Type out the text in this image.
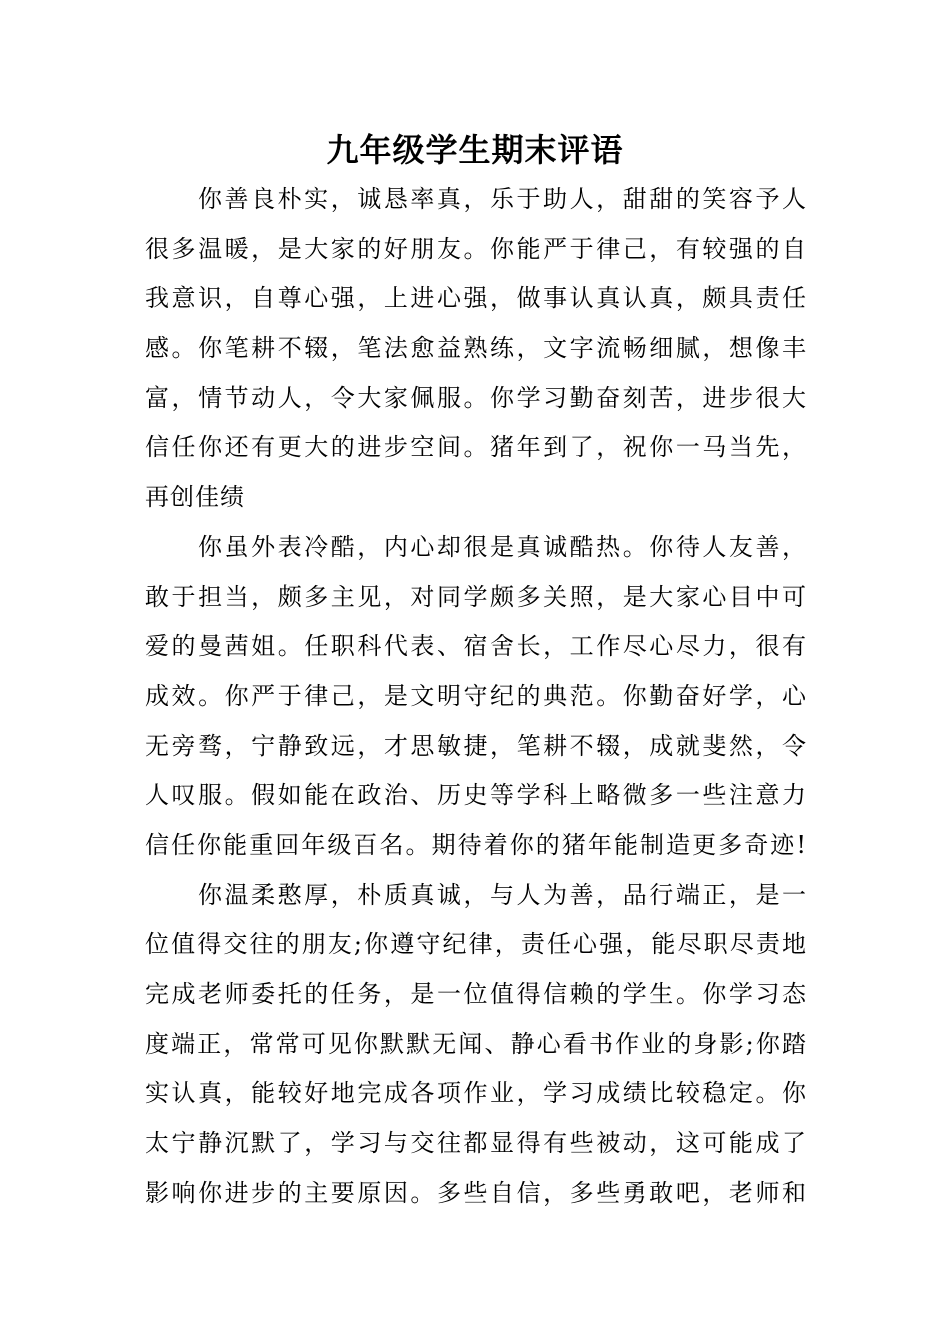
九年级学生期末评语
你善良朴实，诚恳率真，乐于助人，甜甜的笑容予人
很多温暖，是大家的好朋友。你能严于律己，有较强的自
我意识，自尊心强，上进心强，做事认真认真，颇具责任
感。你笔耕不辍，笔法愈益熟练，文字流畅细腻，想像丰
富，情节动人，令大家佩服。你学习勤奋刻苦，进步很大
信任你还有更大的进步空间。猪年到了，祝你一马当先，
再创佳绩
你虽外表冷酷，内心却很是真诚酷热。你待人友善，
敢于担当，颇多主见，对同学颇多关照，是大家心目中可
爱的曼茜姐。任职科代表、宿舍长，工作尽心尽力，很有
成效。你严于律己，是文明守纪的典范。你勤奋好学，心
无旁骛，宁静致远，才思敏捷，笔耕不辍，成就斐然，令
人叹服。假如能在政治、历史等学科上略微多一些注意力
信任你能重回年级百名。期待着你的猪年能制造更多奇迹!
你温柔憨厚，朴质真诚，与人为善，品行端正，是一
位值得交往的朋友;你遵守纪律，责任心强，能尽职尽责地
完成老师委托的任务，是一位值得信赖的学生。你学习态
度端正，常常可见你默默无闻、静心看书作业的身影;你踏
实认真，能较好地完成各项作业，学习成绩比较稳定。你
太宁静沉默了，学习与交往都显得有些被动，这可能成了
影响你进步的主要原因。多些自信，多些勇敢吧，老师和
